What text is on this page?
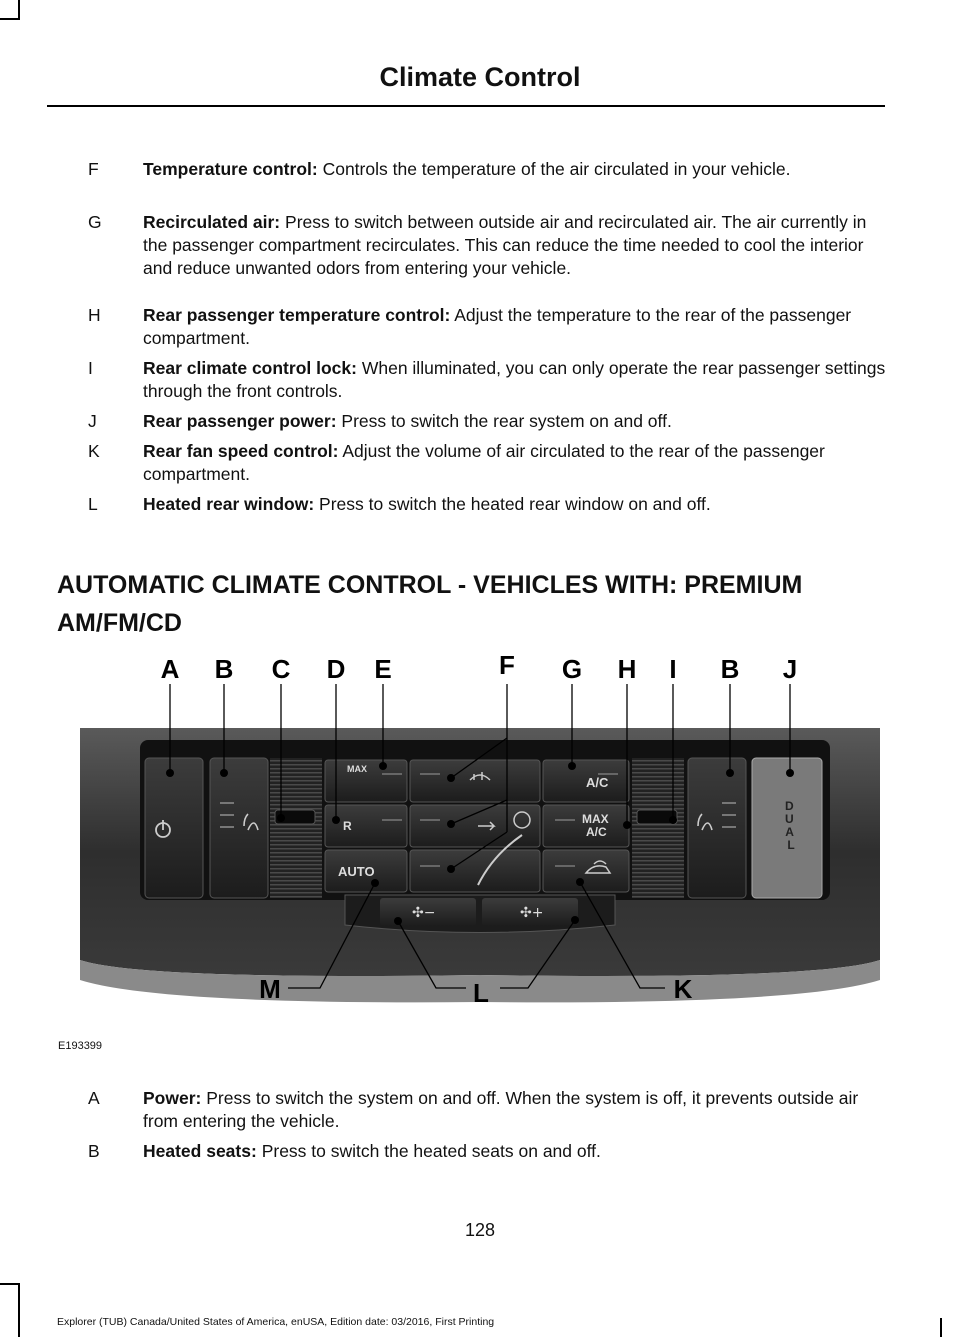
Climate Control
F	Temperature control: Controls the temperature of the air circulated in your vehicle.
G	Recirculated air: Press to switch between outside air and recirculated air. The air currently in the passenger compartment recirculates. This can reduce the time needed to cool the interior and reduce unwanted odors from entering your vehicle.
H	Rear passenger temperature control: Adjust the temperature to the rear of the passenger compartment.
I	Rear climate control lock: When illuminated, you can only operate the rear passenger settings through the front controls.
J	Rear passenger power: Press to switch the rear system on and off.
K	Rear fan speed control: Adjust the volume of air circulated to the rear of the passenger compartment.
L	Heated rear window: Press to switch the heated rear window on and off.
AUTOMATIC CLIMATE CONTROL - VEHICLES WITH: PREMIUM AM/FM/CD
MAX
A/C
MAX A/C
R
AUTO
✣−	✣+
D U A L
A B C D E	F G H I B J
M	L	K
E193399
A	Power: Press to switch the system on and off. When the system is off, it prevents outside air from entering the vehicle.
B	Heated seats: Press to switch the heated seats on and off.
128
Explorer (TUB) Canada/United States of America, enUSA, Edition date: 03/2016, First Printing
